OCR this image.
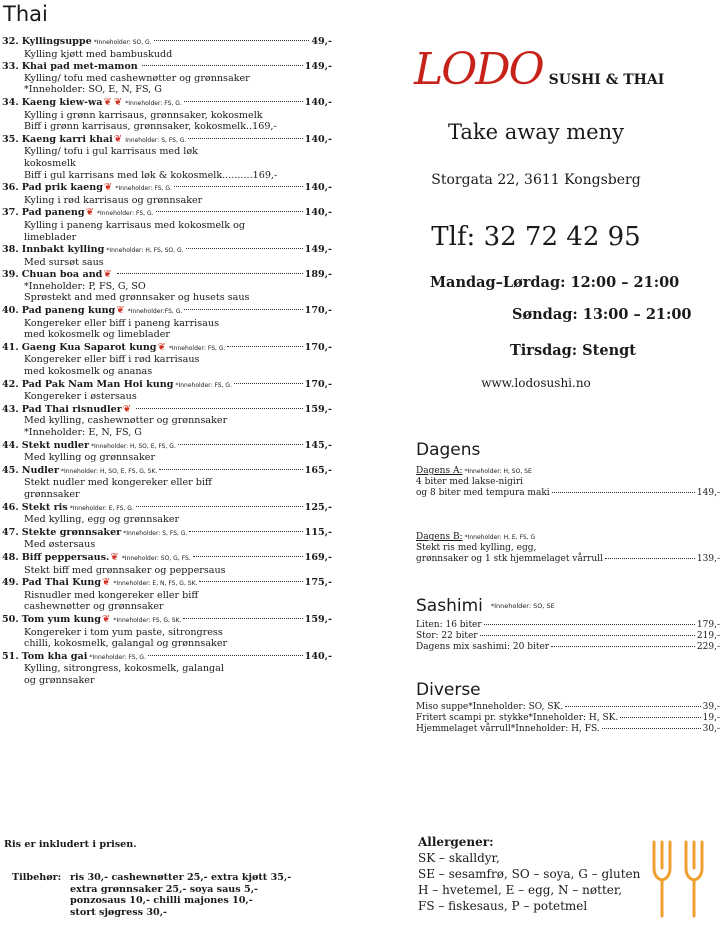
Thai
32. Kyllingsuppe *Inneholder: SO, G.	49,-
Kylling kjøtt med bambuskudd
33. Khai pad met-mamon	149,-
Kylling/ tofu med cashewnøtter og grønnsaker
*Inneholder: SO, E, N, FS, G
34. Kaeng kiew-wa ❦ ❦ *Inneholder: FS, G.	140,-
Kylling i grønn karrisaus, grønnsaker, kokosmelk
Biff i grønn karrisaus, grønnsaker, kokosmelk..169,-
35. Kaeng karri khai ❦ Inneholder: S, FS, G.	140,-
Kylling/ tofu i gul karrisaus med løk
kokosmelk
Biff i gul karrisans med løk & kokosmelk..........169,-
36. Pad prik kaeng ❦ *Inneholder: FS, G.	140,-
Kyling i rød karrisaus og grønnsaker
37. Pad paneng ❦ *Inneholder: FS, G.	140,-
Kylling i paneng karrisaus med kokosmelk og
limeblader
38. Innbakt kylling *Inneholder: H, FS, SO, G.	149,-
Med sursøt saus
39. Chuan boa and ❦	189,-
*Inneholder: P, FS, G, SO
Sprøstekt and med grønnsaker og husets saus
40. Pad paneng kung ❦ *Inneholder:FS, G.	170,-
Kongereker eller biff i paneng karrisaus
med kokosmelk og limeblader
41. Gaeng Kua Saparot kung ❦ *Inneholder: FS, G.	170,-
Kongereker eller biff i rød karrisaus
med kokosmelk og ananas
42. Pad Pak Nam Man Hoi kung *Inneholder: FS, G.	170,-
Kongereker i østersaus
43. Pad Thai risnudler ❦	159,-
Med kylling, cashewnøtter og grønnsaker
*Inneholder: E, N, FS, G
44. Stekt nudler *Inneholder: H, SO, E, FS, G.	145,-
Med kylling og grønnsaker
45. Nudler *Inneholder: H, SO, E, FS, G, SK.	165,-
Stekt nudler med kongereker eller biff
grønnsaker
46. Stekt ris *Inneholder: E, FS, G.	125,-
Med kylling, egg og grønnsaker
47. Stekte grønnsaker *Inneholder: S, FS, G.	115,-
Med østersaus
48. Biff peppersaus. ❦ *Inneholder: SO, G, FS.	169,-
Stekt biff med grønnsaker og peppersaus
49. Pad Thai Kung ❦ *Inneholder: E, N, FS, G, SK.	175,-
Risnudler med kongereker eller biff
cashewnøtter og grønnsaker
50. Tom yum kung ❦ *Inneholder: FS, G, SK.	159,-
Kongereker i tom yum paste, sitrongress
chilli, kokosmelk, galangal og grønnsaker
51. Tom kha gai *Inneholder: FS, G.	140,-
Kylling, sitrongress, kokosmelk, galangal
og grønnsaker
Ris er inkludert i prisen.
Tilbehør: ris 30,- cashewnøtter 25,- extra kjøtt 35,-
extra grønnsaker 25,- soya saus 5,-
ponzosaus 10,- chilli majones 10,-
stort sjøgress 30,-
LODO SUSHI & THAI
Take away meny
Storgata 22, 3611 Kongsberg
Tlf: 32 72 42 95
Mandag–Lørdag: 12:00 – 21:00
Søndag: 13:00 – 21:00
Tirsdag: Stengt
www.lodosushi.no
Dagens
Dagens A: *Inneholder: H, SO, SE
4 biter med lakse-nigiri
og 8 biter med tempura maki	149,-
Dagens B: *Inneholder: H, E, FS, G
Stekt ris med kylling, egg,
grønnsaker og 1 stk hjemmelaget vårrull	139,-
Sashimi *Inneholder: SO, SE
Liten: 16 biter	179,-
Stor: 22 biter	219,-
Dagens mix sashimi: 20 biter	229,-
Diverse
Miso suppe*Inneholder: SO, SK.	39,-
Fritert scampi pr. stykke*Inneholder: H, SK.	19,-
Hjemmelaget vårrull*Inneholder: H, FS.	30,-
Allergener:
SK – skalldyr,
SE – sesamfrø, SO – soya, G – gluten
H – hvetemel, E – egg, N – nøtter,
FS – fiskesaus, P – potetmel
